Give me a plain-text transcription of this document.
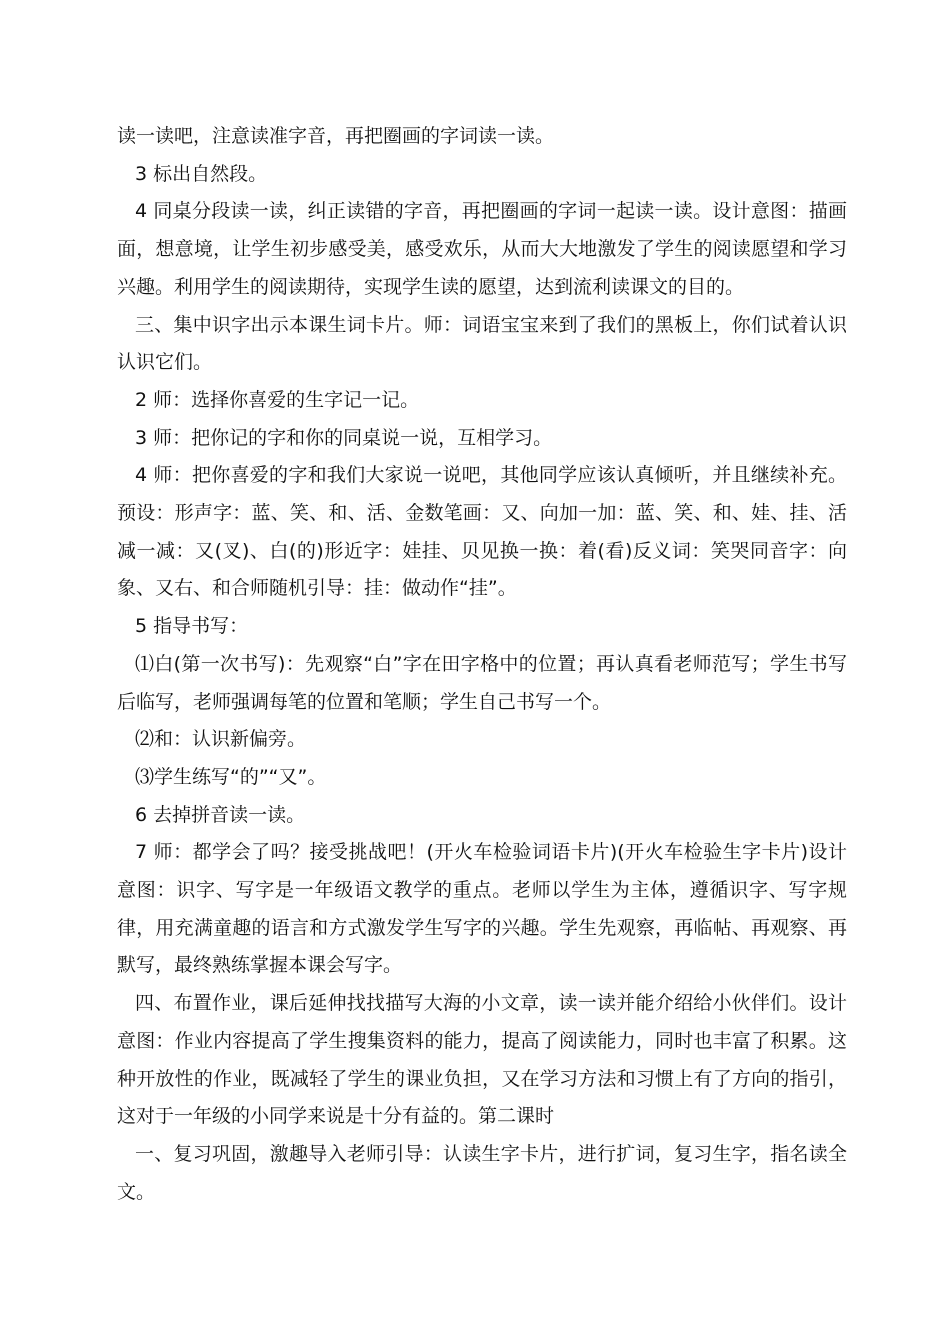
读一读吧，注意读准字音，再把圈画的字词读一读。

3 标出自然段。

4 同桌分段读一读，纠正读错的字音，再把圈画的字词一起读一读。设计意图：描画面，想意境，让学生初步感受美，感受欢乐，从而大大地激发了学生的阅读愿望和学习兴趣。利用学生的阅读期待，实现学生读的愿望，达到流利读课文的目的。

三、集中识字出示本课生词卡片。师：词语宝宝来到了我们的黑板上，你们试着认识认识它们。

2 师：选择你喜爱的生字记一记。

3 师：把你记的字和你的同桌说一说，互相学习。

4 师：把你喜爱的字和我们大家说一说吧，其他同学应该认真倾听，并且继续补充。预设：形声字：蓝、笑、和、活、金数笔画：又、向加一加：蓝、笑、和、娃、挂、活减一减：又(叉)、白(的)形近字：娃挂、贝见换一换：着(看)反义词：笑哭同音字：向象、又右、和合师随机引导：挂：做动作“挂”。

5 指导书写：

⑴白(第一次书写)：先观察“白”字在田字格中的位置；再认真看老师范写；学生书写后临写，老师强调每笔的位置和笔顺；学生自己书写一个。

⑵和：认识新偏旁。

⑶学生练写“的”“又”。

6 去掉拼音读一读。

7 师：都学会了吗？接受挑战吧！(开火车检验词语卡片)(开火车检验生字卡片)设计意图：识字、写字是一年级语文教学的重点。老师以学生为主体，遵循识字、写字规律，用充满童趣的语言和方式激发学生写字的兴趣。学生先观察，再临帖、再观察、再默写，最终熟练掌握本课会写字。

四、布置作业，课后延伸找找描写大海的小文章，读一读并能介绍给小伙伴们。设计意图：作业内容提高了学生搜集资料的能力，提高了阅读能力，同时也丰富了积累。这种开放性的作业，既减轻了学生的课业负担，又在学习方法和习惯上有了方向的指引，这对于一年级的小同学来说是十分有益的。第二课时

一、复习巩固，激趣导入老师引导：认读生字卡片，进行扩词，复习生字，指名读全文。
